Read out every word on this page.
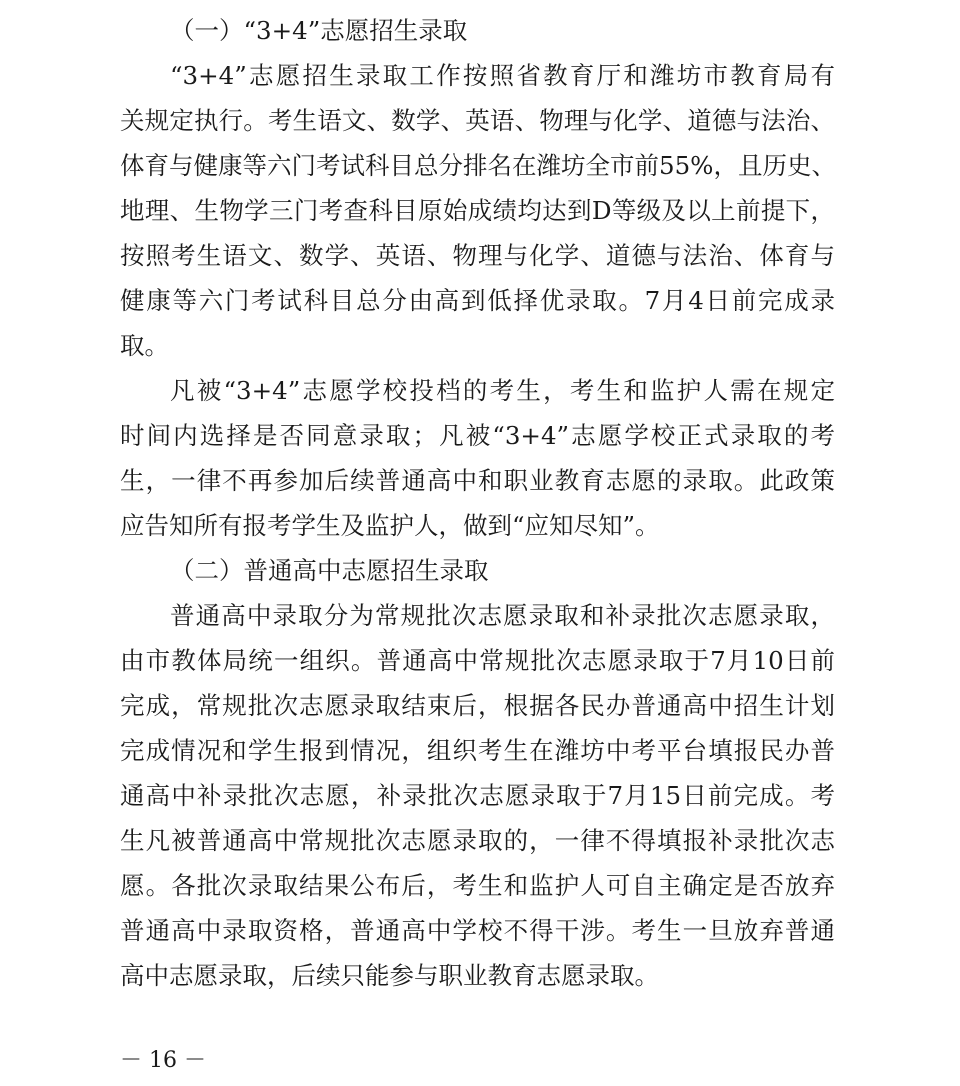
（一）“3+4”志愿招生录取
“3+4”志愿招生录取工作按照省教育厅和潍坊市教育局有
关规定执行。考生语文、数学、英语、物理与化学、道德与法治、
体育与健康等六门考试科目总分排名在潍坊全市前55%，且历史、
地理、生物学三门考查科目原始成绩均达到D等级及以上前提下，
按照考生语文、数学、英语、物理与化学、道德与法治、体育与
健康等六门考试科目总分由高到低择优录取。7月4日前完成录
取。
凡被“3+4”志愿学校投档的考生，考生和监护人需在规定
时间内选择是否同意录取；凡被“3+4”志愿学校正式录取的考
生，一律不再参加后续普通高中和职业教育志愿的录取。此政策
应告知所有报考学生及监护人，做到“应知尽知”。
（二）普通高中志愿招生录取
普通高中录取分为常规批次志愿录取和补录批次志愿录取，
由市教体局统一组织。普通高中常规批次志愿录取于7月10日前
完成，常规批次志愿录取结束后，根据各民办普通高中招生计划
完成情况和学生报到情况，组织考生在潍坊中考平台填报民办普
通高中补录批次志愿，补录批次志愿录取于7月15日前完成。考
生凡被普通高中常规批次志愿录取的，一律不得填报补录批次志
愿。各批次录取结果公布后，考生和监护人可自主确定是否放弃
普通高中录取资格，普通高中学校不得干涉。考生一旦放弃普通
高中志愿录取，后续只能参与职业教育志愿录取。
－ 16 －
